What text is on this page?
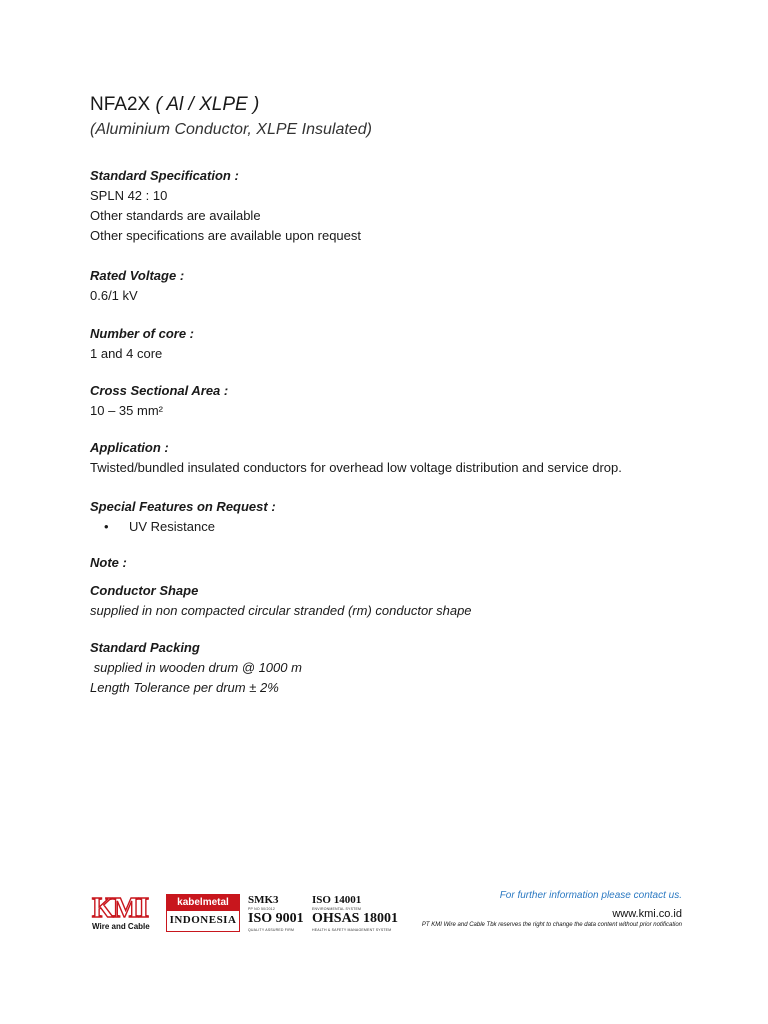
NFA2X ( Al / XLPE )
(Aluminium Conductor, XLPE Insulated)
Standard Specification :
SPLN 42 : 10
Other standards are available
Other specifications are available upon request
Rated Voltage :
0.6/1 kV
Number of core :
1 and 4 core
Cross Sectional Area :
10 – 35 mm²
Application :
Twisted/bundled insulated conductors for overhead low voltage distribution and service drop.
Special Features on Request :
• UV Resistance
Note :
Conductor Shape
supplied in non compacted circular stranded (rm) conductor shape
Standard Packing
supplied in wooden drum @ 1000 m
Length Tolerance per drum ± 2%
KMI
Wire and Cable
kabelmetal
INDONESIA
SMK3
PP NO 50/2012
ISO 9001
QUALITY ASSURED FIRM
ISO 14001
ENVIRONMENTAL SYSTEM
OHSAS 18001
HEALTH & SAFETY MANAGEMENT SYSTEM
For further information please contact us.
www.kmi.co.id
PT KMI Wire and Cable Tbk reserves the right to change the data content without prior notification
